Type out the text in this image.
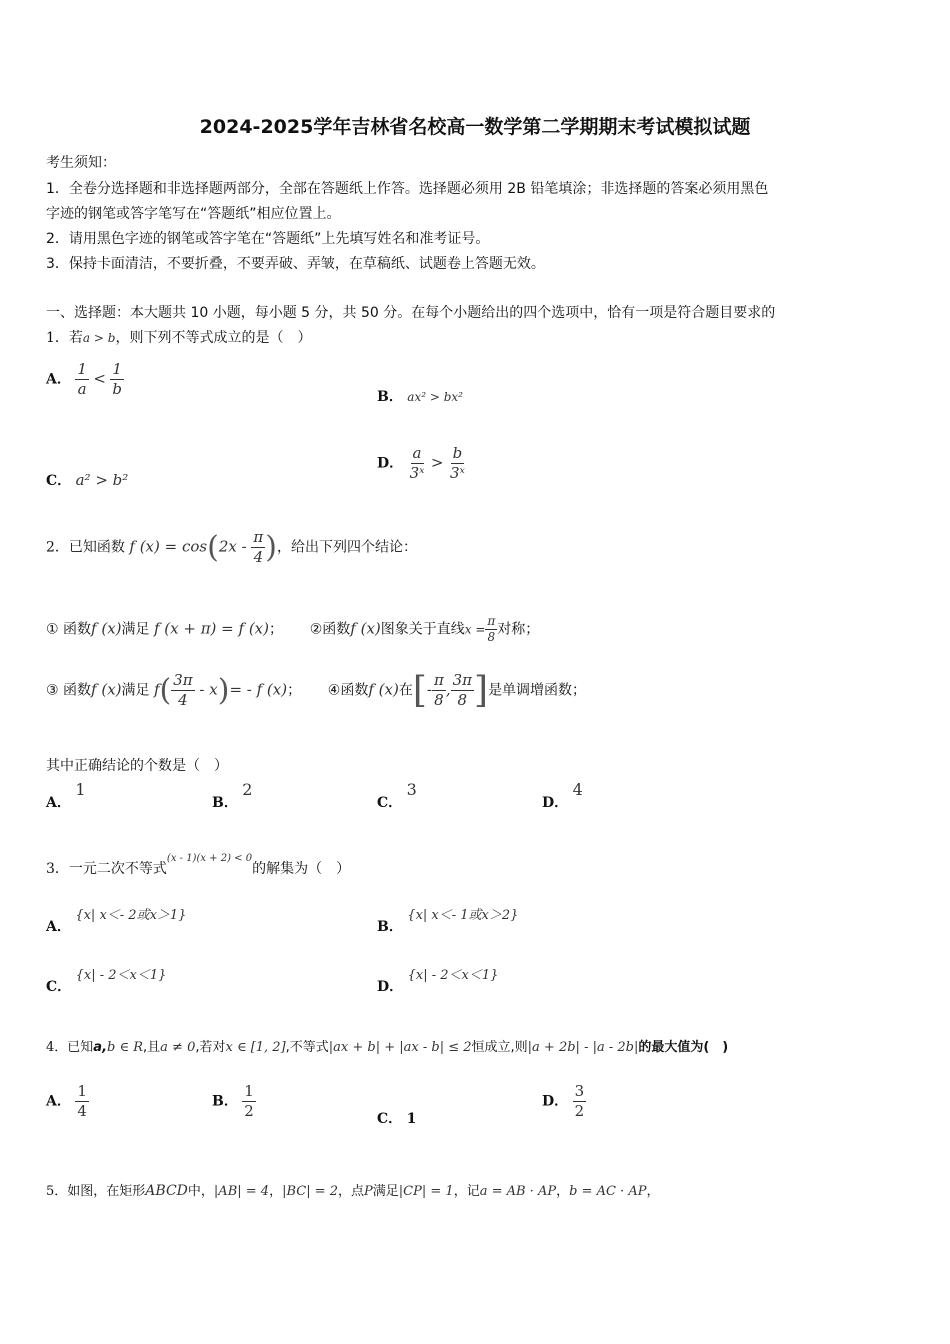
2024-2025学年吉林省名校高一数学第二学期期末考试模拟试题
考生须知：
1．全卷分选择题和非选择题两部分，全部在答题纸上作答。选择题必须用 2B 铅笔填涂；非选择题的答案必须用黑色
字迹的钢笔或答字笔写在“答题纸”相应位置上。
2．请用黑色字迹的钢笔或答字笔在“答题纸”上先填写姓名和准考证号。
3．保持卡面清洁，不要折叠，不要弄破、弄皱，在草稿纸、试题卷上答题无效。
一、选择题：本大题共 10 小题，每小题 5 分，共 50 分。在每个小题给出的四个选项中，恰有一项是符合题目要求的
1．若a > b，则下列不等式成立的是（　）
A． $\frac{1}{a} < \frac{1}{b}$	B． ax² > bx²
C． a² > b²
D． $\frac{a}{\text{3ˣ}} > \frac{b}{\text{3ˣ}}$
2．已知函数 f $(x) = \cos(2x - \frac{\pi}{4}$ )，给出下列四个结论：
① 函数f (x)满足 f (x + π) = f (x)； ②函数f (x)图象关于直线$x = \frac{\pi}{8}$ 对称；
③ 函数f (x)满足 $f( \frac{3\pi}{4} - x)= - f$ (x)； ④函数f (x)在[- $\frac{\pi}{8}$ , $\frac{3\pi}{8}$ ]是单调增函数；
其中正确结论的个数是（　）
A． 1
B． 2
C． 3
D． 4
3．一元二次不等式$^{(x - 1)(x + 2) < 0}$的解集为（　）
A． {x| x＜- 2或x＞1}
B． {x| x＜- 1或x＞2}
C． {x| - 2＜x＜1}
D． {x| - 2＜x＜1}
4．已知a,b ∈ R,且a ≠ 0,若对x ∈ [1, 2],不等式|ax + b| + |ax - b| ≤ 2恒成立,则|a + 2b| - |a - 2b|的最大值为(　)
A． $\frac{1}{4}$	B． $\frac{1}{2}$	C． 1
D． $\frac{3}{2}$
5．如图，在矩形ABCD中，|AB| = 4，|BC| = 2，点P满足|CP| = 1，记a = AB · AP，b = AC · AP，
